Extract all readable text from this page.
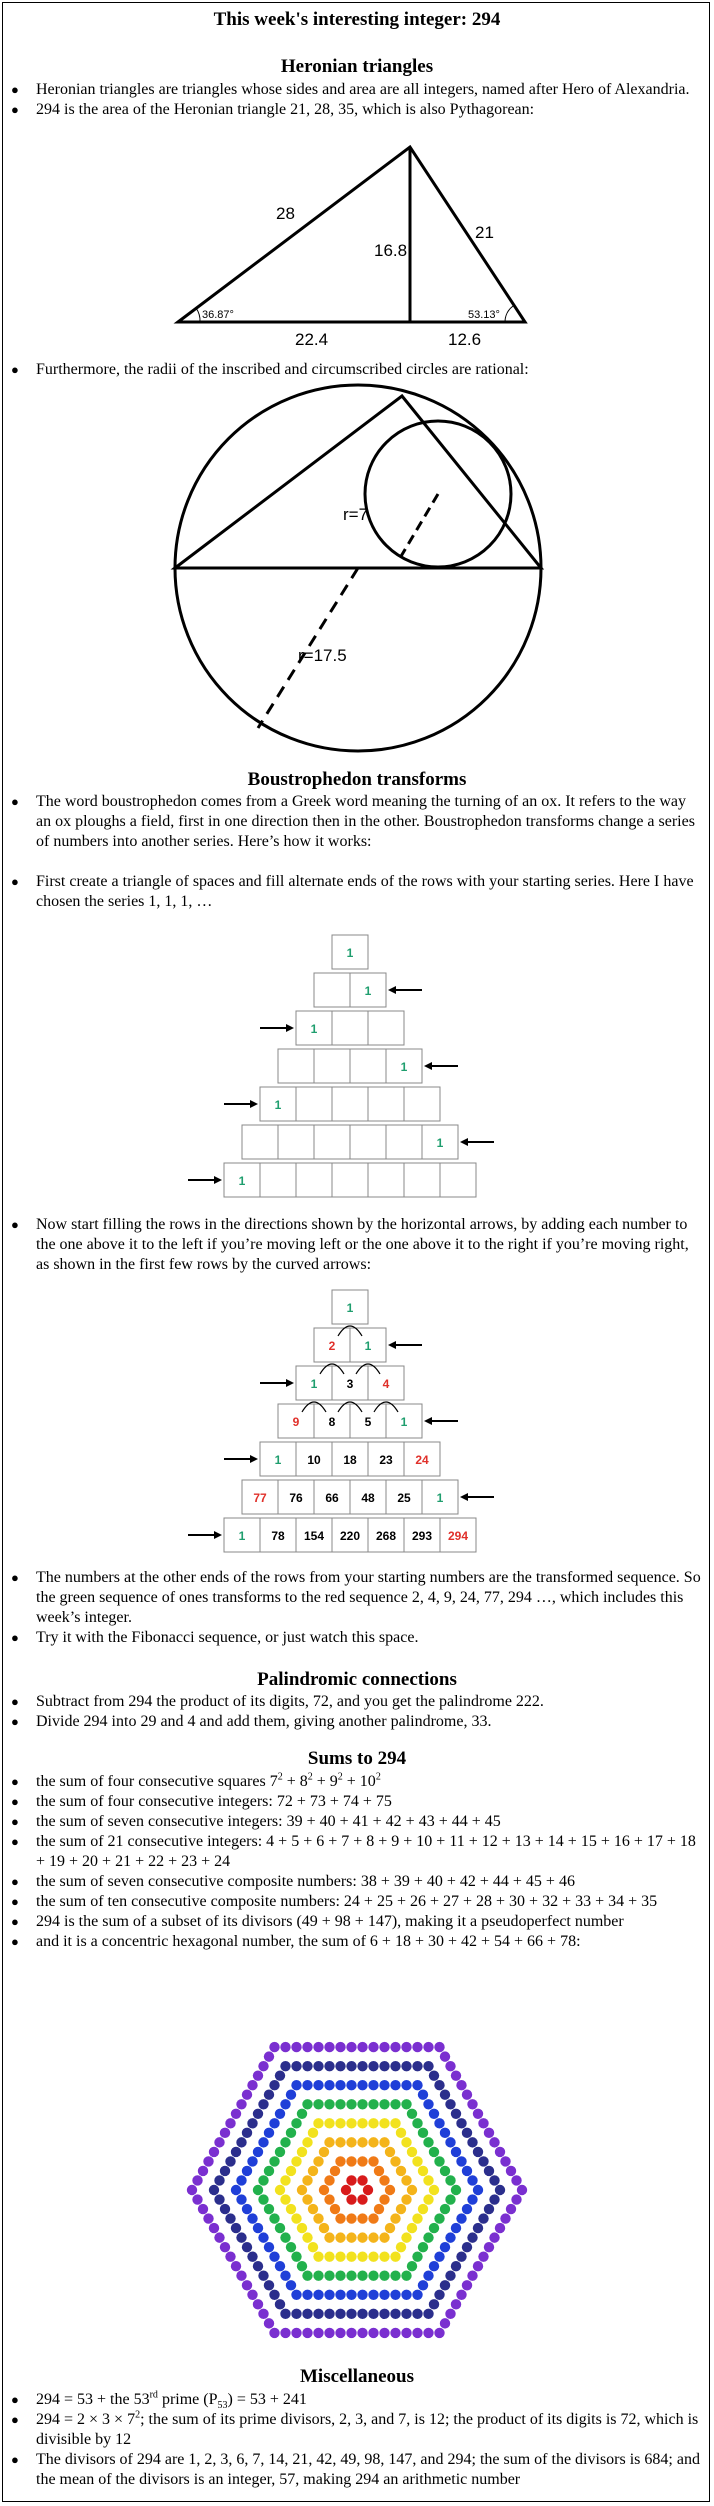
This week's interesting integer: 294
Heronian triangles
● Heronian triangles are triangles whose sides and area are all integers, named after Hero of Alexandria.
● 294 is the area of the Heronian triangle 21, 28, 35, which is also Pythagorean:
28
21
16.8
22.4	12.6
36.87°	53.13°
● Furthermore, the radii of the inscribed and circumscribed circles are rational:
r=7
r=17.5
Boustrophedon transforms
● The word boustrophedon comes from a Greek word meaning the turning of an ox. It refers to the way an ox ploughs a field, first in one direction then in the other. Boustrophedon transforms change a series of numbers into another series. Here’s how it works:
● First create a triangle of spaces and fill alternate ends of the rows with your starting series. Here I have chosen the series 1, 1, 1, …
1
1
1
1
1
1
1
● Now start filling the rows in the directions shown by the horizontal arrows, by adding each number to the one above it to the left if you’re moving left or the one above it to the right if you’re moving right, as shown in the first few rows by the curved arrows:
1
2 1
1 3 4
9 8 5 1
1 10 18 23 24
77 76 66 48 25 1
1 78 154 220 268 293 294
● The numbers at the other ends of the rows from your starting numbers are the transformed sequence. So the green sequence of ones transforms to the red sequence 2, 4, 9, 24, 77, 294 …, which includes this week’s integer.
● Try it with the Fibonacci sequence, or just watch this space.
Palindromic connections
● Subtract from 294 the product of its digits, 72, and you get the palindrome 222.
● Divide 294 into 29 and 4 and add them, giving another palindrome, 33.
Sums to 294
● the sum of four consecutive squares $7^2 + 8^2 + 9^2 + 10^2$
● the sum of four consecutive integers: 72 + 73 + 74 + 75
● the sum of seven consecutive integers: 39 + 40 + 41 + 42 + 43 + 44 + 45
● the sum of 21 consecutive integers: 4 + 5 + 6 + 7 + 8 + 9 + 10 + 11 + 12 + 13 + 14 + 15 + 16 + 17 + 18 + 19 + 20 + 21 + 22 + 23 + 24
● the sum of seven consecutive composite numbers: 38 + 39 + 40 + 42 + 44 + 45 + 46
● the sum of ten consecutive composite numbers: 24 + 25 + 26 + 27 + 28 + 30 + 32 + 33 + 34 + 35
● 294 is the sum of a subset of its divisors (49 + 98 + 147), making it a pseudoperfect number
● and it is a concentric hexagonal number, the sum of 6 + 18 + 30 + 42 + 54 + 66 + 78:
Miscellaneous
● 294 = 53 + the 53rd prime $(P_{53}) = 53 + 241$
● $294 = 2 \times 3 \times 7^2$; the sum of its prime divisors, 2, 3, and 7, is 12; the product of its digits is 72, which is divisible by 12
● The divisors of 294 are 1, 2, 3, 6, 7, 14, 21, 42, 49, 98, 147, and 294; the sum of the divisors is 684; and the mean of the divisors is an integer, 57, making 294 an arithmetic number
